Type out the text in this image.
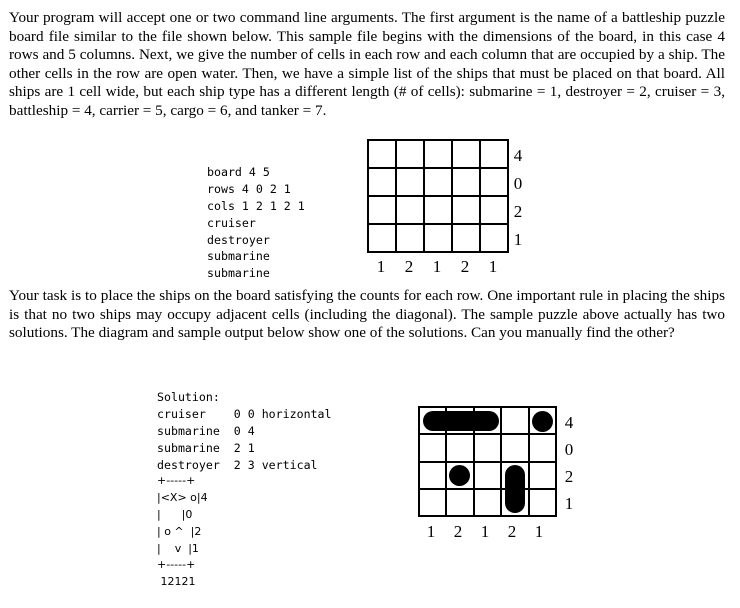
Your program will accept one or two command line arguments. The first argument is the name of a battleship puzzle board file similar to the file shown below. This sample file begins with the dimensions of the board, in this case 4 rows and 5 columns. Next, we give the number of cells in each row and each column that are occupied by a ship. The other cells in the row are open water. Then, we have a simple list of the ships that must be placed on that board. All ships are 1 cell wide, but each ship type has a different length (# of cells): submarine = 1, destroyer = 2, cruiser = 3, battleship = 4, carrier = 5, cargo = 6, and tanker = 7.

board 4 5
rows 4 0 2 1
cols 1 2 1 2 1
cruiser
destroyer
submarine
submarine

4
0
2
1
1 2 1 2 1

Your task is to place the ships on the board satisfying the counts for each row. One important rule in placing the ships is that no two ships may occupy adjacent cells (including the diagonal). The sample puzzle above actually has two solutions. The diagram and sample output below show one of the solutions. Can you manually find the other?

Solution:
cruiser    0 0 horizontal
submarine  0 4
submarine  2 1
destroyer  2 3 vertical

+-----+
|<X> o|4
|      |0
| o ^  |2
|    v  |1
+-----+
12121

4
0
2
1
1 2 1 2 1
